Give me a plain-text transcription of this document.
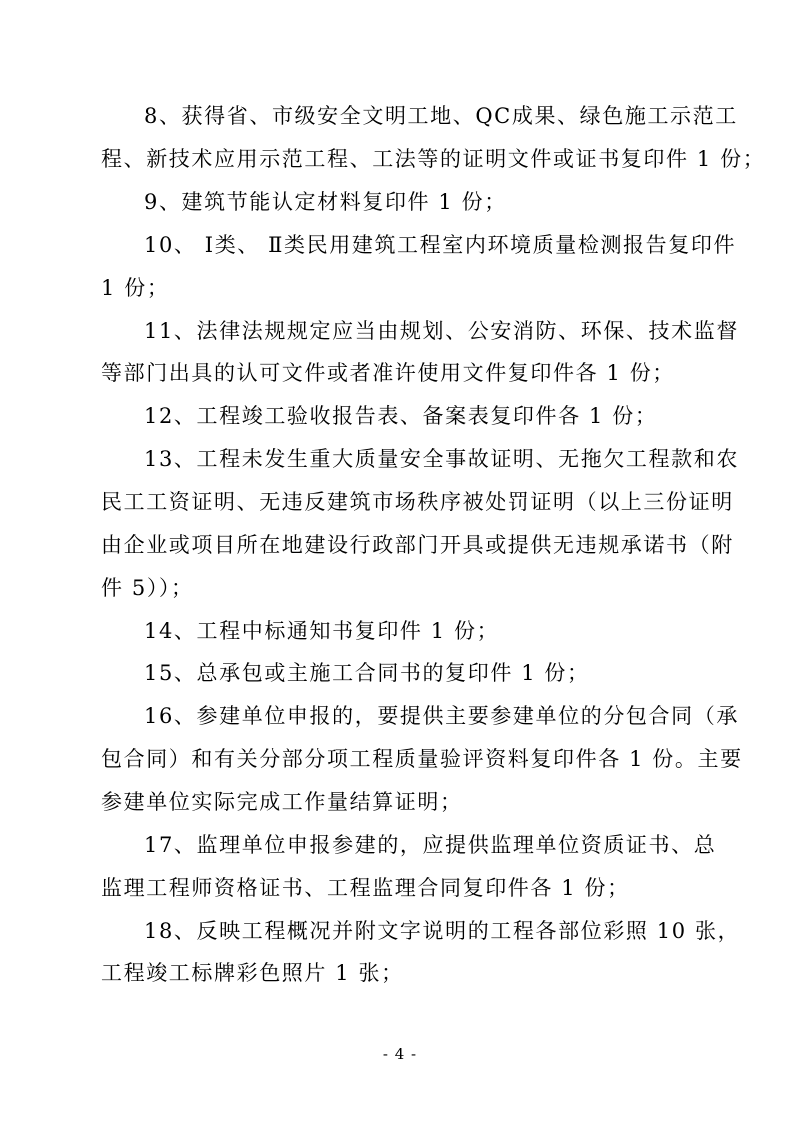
8、获得省、市级安全文明工地、QC成果、绿色施工示范工
程、新技术应用示范工程、工法等的证明文件或证书复印件 1 份；
9、建筑节能认定材料复印件 1 份；
10、 Ⅰ类、 Ⅱ类民用建筑工程室内环境质量检测报告复印件
1 份；
11、法律法规规定应当由规划、公安消防、环保、技术监督
等部门出具的认可文件或者准许使用文件复印件各 1 份；
12、工程竣工验收报告表、备案表复印件各 1 份；
13、工程未发生重大质量安全事故证明、无拖欠工程款和农
民工工资证明、无违反建筑市场秩序被处罚证明（以上三份证明
由企业或项目所在地建设行政部门开具或提供无违规承诺书（附
件 5））；
14、工程中标通知书复印件 1 份；
15、总承包或主施工合同书的复印件 1 份；
16、参建单位申报的，要提供主要参建单位的分包合同（承
包合同）和有关分部分项工程质量验评资料复印件各 1 份。主要
参建单位实际完成工作量结算证明；
17、监理单位申报参建的，应提供监理单位资质证书、总
监理工程师资格证书、工程监理合同复印件各 1 份；
18、反映工程概况并附文字说明的工程各部位彩照 10 张，
工程竣工标牌彩色照片 1 张；
- 4 -
